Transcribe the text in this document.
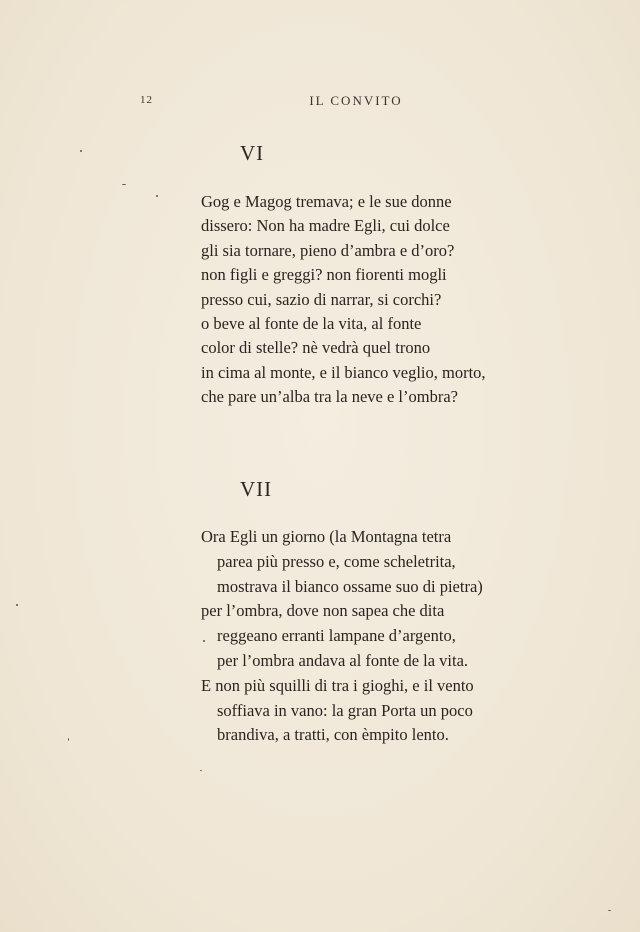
12	IL CONVITO
VI
Gog e Magog tremava; e le sue donne
dissero: Non ha madre Egli, cui dolce
gli sia tornare, pieno d’ambra e d’oro?
non figli e greggi? non fiorenti mogli
presso cui, sazio di narrar, si corchi?
o beve al fonte de la vita, al fonte
color di stelle? nè vedrà quel trono
in cima al monte, e il bianco veglio, morto,
che pare un’alba tra la neve e l’ombra?
VII
Ora Egli un giorno (la Montagna tetra
parea più presso e, come scheletrita,
mostrava il bianco ossame suo di pietra)
per l’ombra, dove non sapea che dita
reggeano erranti lampane d’argento,
per l’ombra andava al fonte de la vita.
E non più squilli di tra i gioghi, e il vento
soffiava in vano: la gran Porta un poco
brandiva, a tratti, con èmpito lento.
